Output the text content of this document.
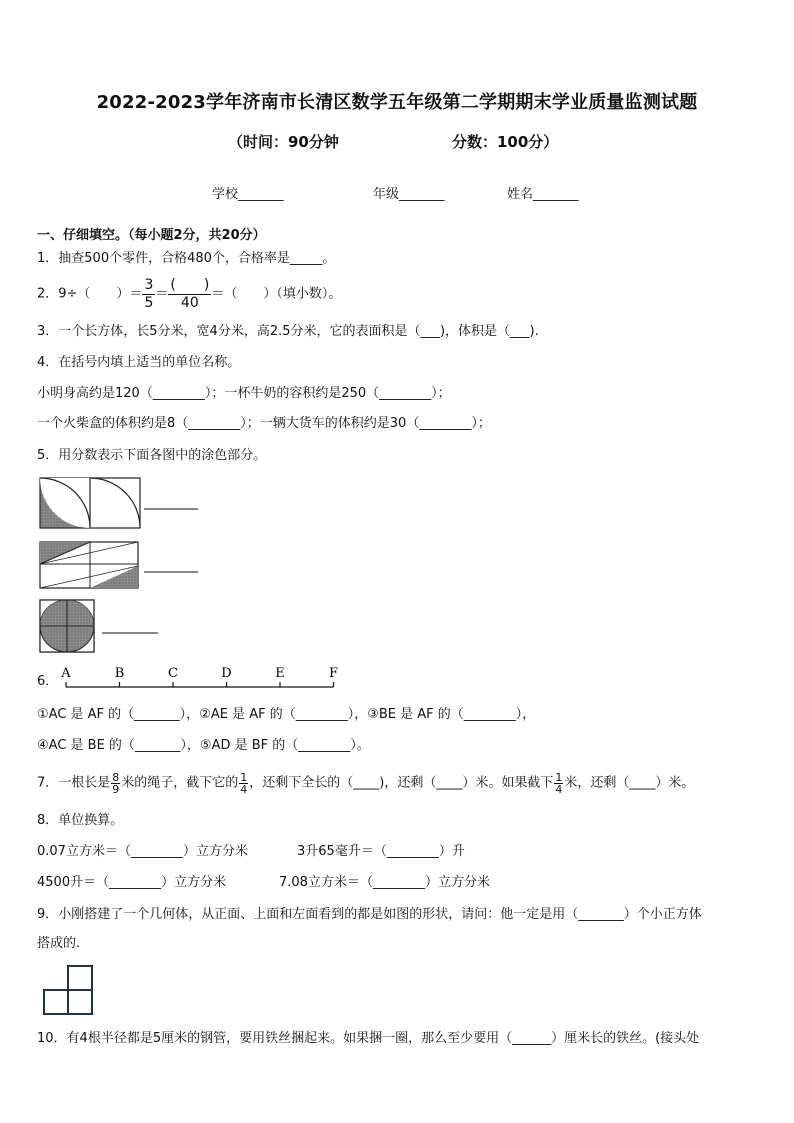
2022-2023学年济南市长清区数学五年级第二学期期末学业质量监测试题
（时间：90分钟	分数：100分）
学校_______	年级_______	姓名_______
一、仔细填空。（每小题2分，共20分）
1．抽查500个零件，合格480个，合格率是_____。
2．9÷（　　）＝ $\frac{3}{5}$ ＝
(　　)
40
＝（　　）（填小数）。
3．一个长方体，长5分米，宽4分米，高2.5分米，它的表面积是（___)，体积是（___).
4．在括号内填上适当的单位名称。
小明身高约是120（________）；一杯牛奶的容积约是250（________）；
一个火柴盒的体积约是8（________）；一辆大货车的体积约是30（________）；
5．用分数表示下面各图中的涂色部分。
6．
A	B	C	D	E	F
①AC 是 AF 的（_______），②AE 是 AF 的（________），③BE 是 AF 的（________），
④AC 是 BE 的（_______），⑤AD 是 BF 的（________）。
7．一根长是 $\frac{8}{9}$ 米的绳子，截下它的 $\frac{1}{4}$ ，还剩下全长的（____)，还剩（____）米。如果截下 $\frac{1}{4}$ 米，还剩（____）米。
8．单位换算。
0.07立方米＝（________）立方分米	3升65毫升＝（________）升
4500升＝（________）立方分米	7.08立方米＝（________）立方分米
9．小刚搭建了一个几何体，从正面、上面和左面看到的都是如图的形状，请问：他一定是用（_______）个小正方体
搭成的.
10．有4根半径都是5厘米的钢管，要用铁丝捆起来。如果捆一圈，那么至少要用（______）厘米长的铁丝。(接头处
